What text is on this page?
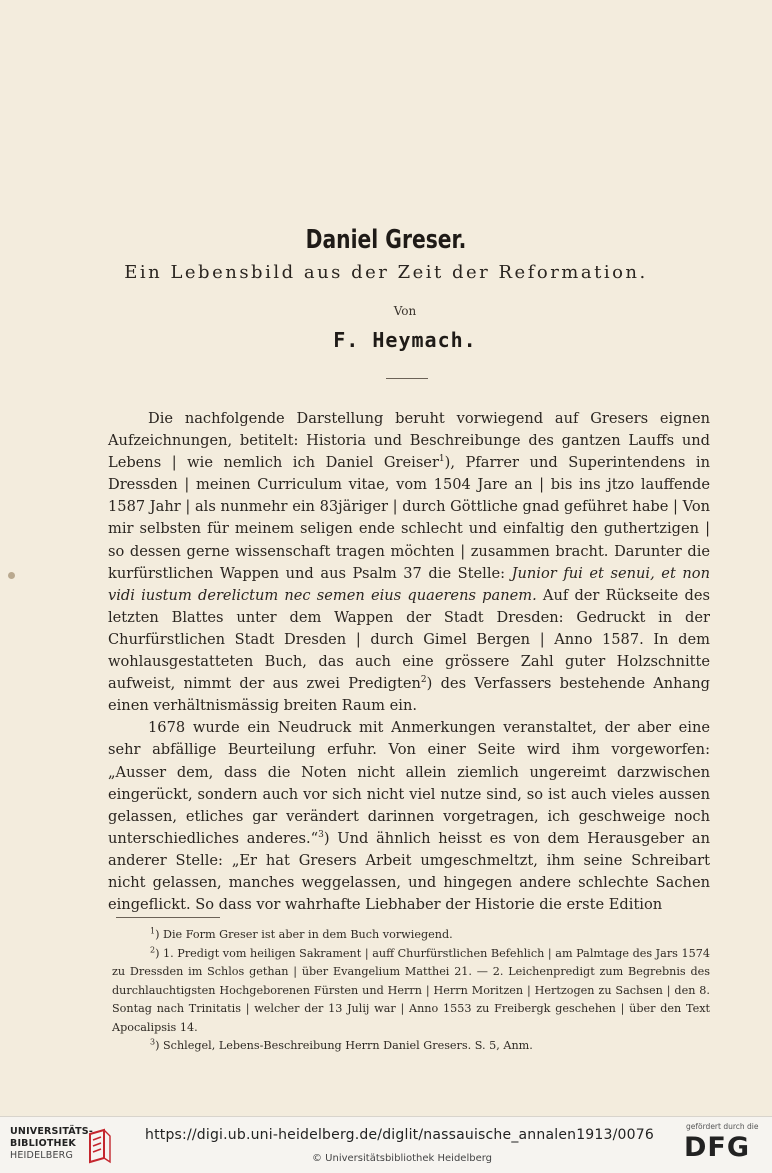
Daniel Greser.
Ein Lebensbild aus der Zeit der Reformation.
Von
F. Heymach.

Die nachfolgende Darstellung beruht vorwiegend auf Gresers eignen Aufzeichnungen, betitelt: Historia und Beschreibunge des gantzen Lauffs und Lebens | wie nemlich ich Daniel Greiser$^1$), Pfarrer und Superintendens in Dressden | meinen Curriculum vitae, vom 1504 Jare an | bis ins jtzo lauffende 1587 Jahr | als nunmehr ein 83järiger | durch Göttliche gnad geführet habe | Von mir selbsten für meinem seligen ende schlecht und einfaltig den guthertzigen | so dessen gerne wissenschaft tragen möchten | zusammen bracht. Darunter die kurfürstlichen Wappen und aus Psalm 37 die Stelle: Junior fui et senui, et non vidi iustum derelictum nec semen eius quaerens panem. Auf der Rückseite des letzten Blattes unter dem Wappen der Stadt Dresden: Gedruckt in der Churfürstlichen Stadt Dresden | durch Gimel Bergen | Anno 1587. In dem wohlausgestatteten Buch, das auch eine grössere Zahl guter Holzschnitte aufweist, nimmt der aus zwei Predigten$^2$) des Verfassers bestehende Anhang einen verhältnismässig breiten Raum ein.

1678 wurde ein Neudruck mit Anmerkungen veranstaltet, der aber eine sehr abfällige Beurteilung erfuhr. Von einer Seite wird ihm vorgeworfen: „Ausser dem, dass die Noten nicht allein ziemlich ungereimt darzwischen eingerückt, sondern auch vor sich nicht viel nutze sind, so ist auch vieles aussen gelassen, etliches gar verändert darinnen vorgetragen, ich geschweige noch unterschiedliches anderes.“$^3$) Und ähnlich heisst es von dem Herausgeber an anderer Stelle: „Er hat Gresers Arbeit umgeschmeltzt, ihm seine Schreibart nicht gelassen, manches weggelassen, und hingegen andere schlechte Sachen eingeflickt. So dass vor wahrhafte Liebhaber der Historie die erste Edition

$^1$) Die Form Greser ist aber in dem Buch vorwiegend.

$^2$) 1. Predigt vom heiligen Sakrament | auff Churfürstlichen Befehlich | am Palmtage des Jars 1574 zu Dressden im Schlos gethan | über Evangelium Matthei 21. — 2. Leichenpredigt zum Begrebnis des durchlauchtigsten Hochgeborenen Fürsten und Herrn | Herrn Moritzen | Hertzogen zu Sachsen | den 8. Sontag nach Trinitatis | welcher der 13 Julij war | Anno 1553 zu Freibergk geschehen | über den Text Apocalipsis 14.

$^3$) Schlegel, Lebens-Beschreibung Herrn Daniel Gresers. S. 5, Anm.

UNIVERSITÄTS-
BIBLIOTHEK
HEIDELBERG
https://digi.ub.uni-heidelberg.de/diglit/nassauische_annalen1913/0076
© Universitätsbibliothek Heidelberg
gefördert durch die
DFG
